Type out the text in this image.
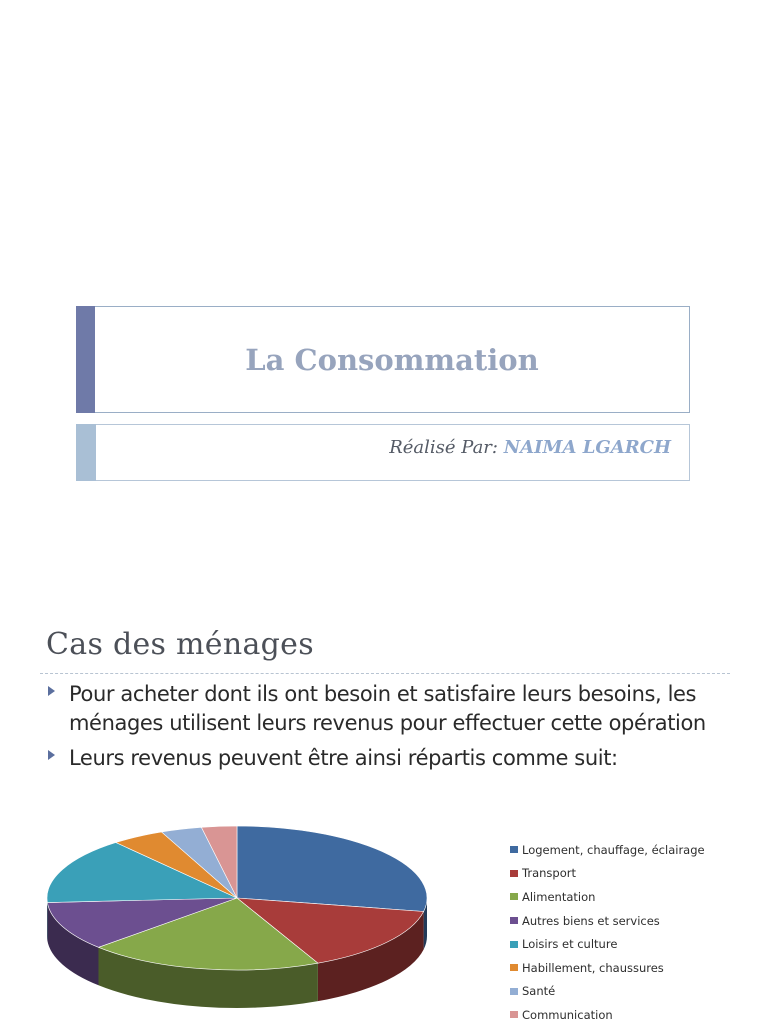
La Consommation
Réalisé Par: NAIMA LGARCH
Cas des ménages
Pour acheter dont ils ont besoin et satisfaire leurs besoins, les ménages utilisent leurs revenus pour effectuer cette opération
Leurs revenus peuvent être ainsi répartis comme suit:
Logement, chauffage, éclairage
Transport
Alimentation
Autres biens et services
Loisirs et culture
Habillement, chaussures
Santé
Communication
